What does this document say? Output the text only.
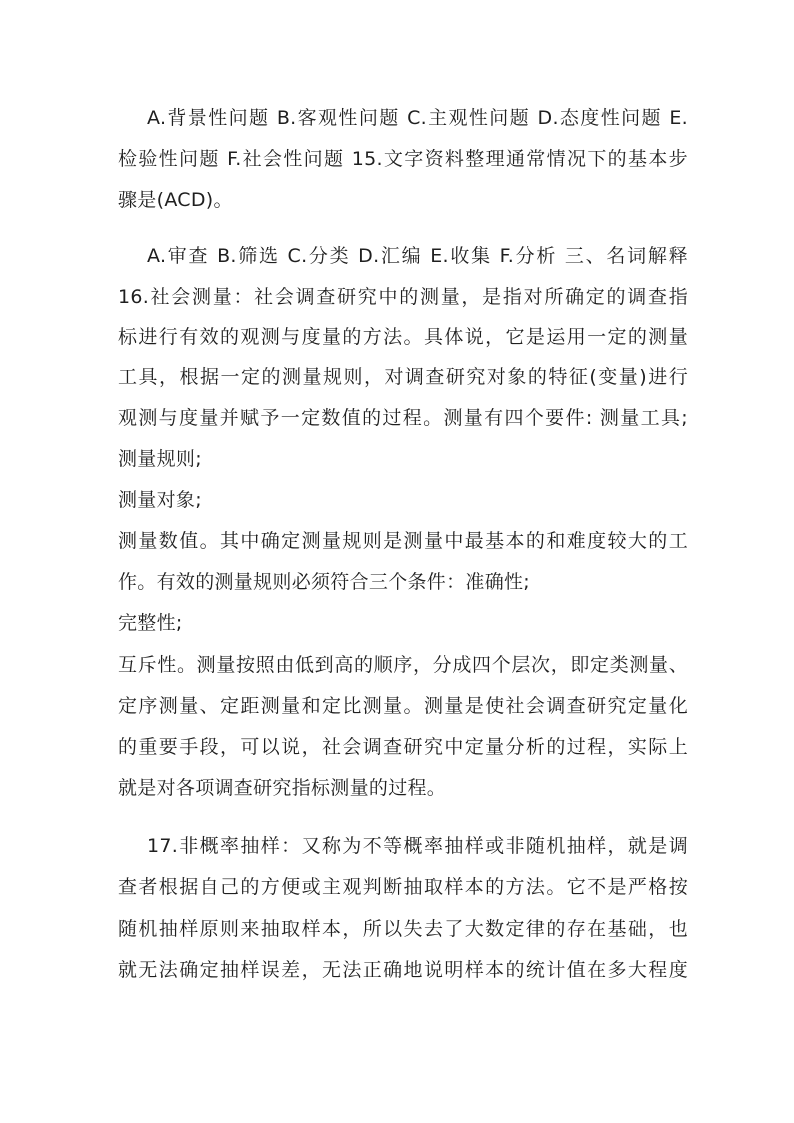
A.背景性问题 B.客观性问题 C.主观性问题 D.态度性问题 E.
检验性问题 F.社会性问题 15.文字资料整理通常情况下的基本步
骤是(ACD)。
A.审查 B.筛选 C.分类 D.汇编 E.收集 F.分析 三、名词解释
16.社会测量：社会调查研究中的测量，是指对所确定的调查指
标进行有效的观测与度量的方法。具体说，它是运用一定的测量
工具，根据一定的测量规则，对调查研究对象的特征(变量)进行
观测与度量并赋予一定数值的过程。测量有四个要件: 测量工具;
测量规则;
测量对象;
测量数值。其中确定测量规则是测量中最基本的和难度较大的工
作。有效的测量规则必须符合三个条件：准确性;
完整性;
互斥性。测量按照由低到高的顺序，分成四个层次，即定类测量、
定序测量、定距测量和定比测量。测量是使社会调查研究定量化
的重要手段，可以说，社会调查研究中定量分析的过程，实际上
就是对各项调查研究指标测量的过程。
17.非概率抽样：又称为不等概率抽样或非随机抽样，就是调
查者根据自己的方便或主观判断抽取样本的方法。它不是严格按
随机抽样原则来抽取样本，所以失去了大数定律的存在基础，也
就无法确定抽样误差，无法正确地说明样本的统计值在多大程度
